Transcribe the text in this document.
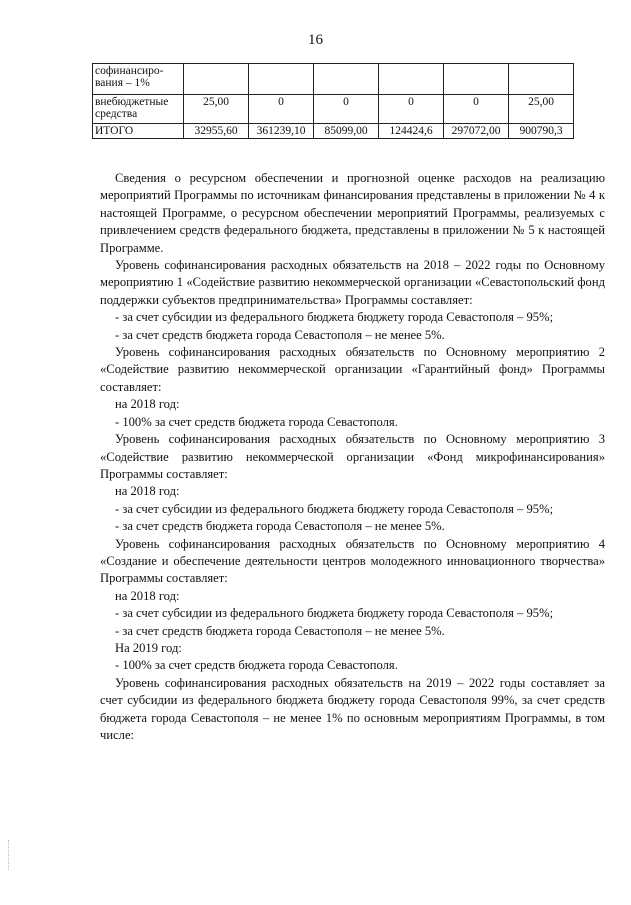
16
софинансиро-вания – 1%						
внебюджетные средства	25,00	0	0	0	0	25,00
ИТОГО	32955,60	361239,10	85099,00	124424,6	297072,00	900790,3

Сведения о ресурсном обеспечении и прогнозной оценке расходов на реализацию мероприятий Программы по источникам финансирования представлены в приложении № 4 к настоящей Программе, о ресурсном обеспечении мероприятий Программы, реализуемых с привлечением средств федерального бюджета, представлены в приложении № 5 к настоящей Программе.

Уровень софинансирования расходных обязательств на 2018 – 2022 годы по Основному мероприятию 1 «Содействие развитию некоммерческой организации «Севастопольский фонд поддержки субъектов предпринимательства» Программы составляет:

- за счет субсидии из федерального бюджета бюджету города Севастополя – 95%;

- за счет средств бюджета города Севастополя – не менее 5%.

Уровень софинансирования расходных обязательств по Основному мероприятию 2 «Содействие развитию некоммерческой организации «Гарантийный фонд» Программы составляет:

на 2018 год:

- 100% за счет средств бюджета города Севастополя.

Уровень софинансирования расходных обязательств по Основному мероприятию 3 «Содействие развитию некоммерческой организации «Фонд микрофинансирования» Программы составляет:

на 2018 год:

- за счет субсидии из федерального бюджета бюджету города Севастополя – 95%;

- за счет средств бюджета города Севастополя – не менее 5%.

Уровень софинансирования расходных обязательств по Основному мероприятию 4 «Создание и обеспечение деятельности центров молодежного инновационного творчества» Программы составляет:

на 2018 год:

- за счет субсидии из федерального бюджета бюджету города Севастополя – 95%;

- за счет средств бюджета города Севастополя – не менее 5%.

На 2019 год:

- 100% за счет средств бюджета города Севастополя.

Уровень софинансирования расходных обязательств на 2019 – 2022 годы составляет за счет субсидии из федерального бюджета бюджету города Севастополя 99%, за счет средств бюджета города Севастополя – не менее 1% по основным мероприятиям Программы, в том числе:
